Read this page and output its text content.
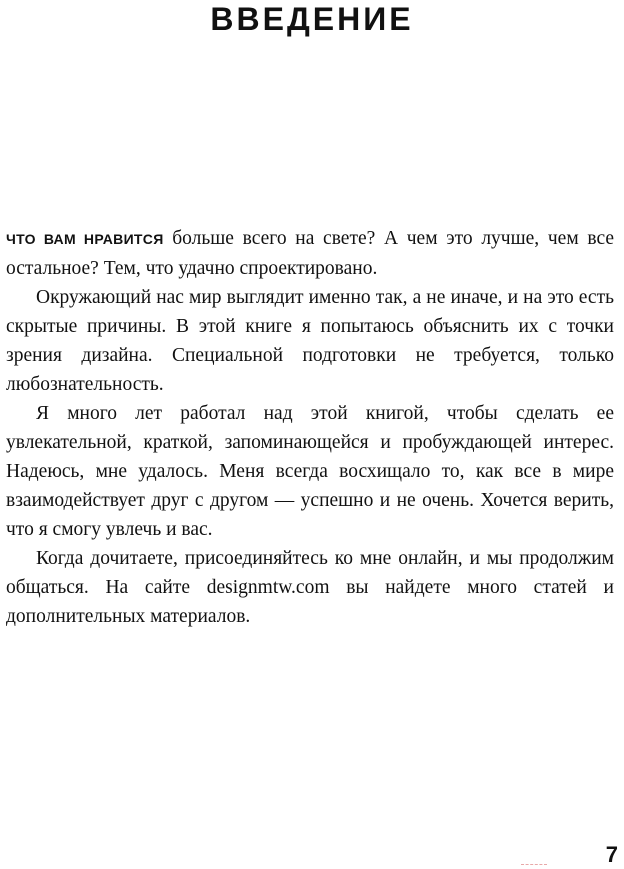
ВВЕДЕНИЕ

ЧТО ВАМ НРАВИТСЯ больше всего на свете? А чем это лучше, чем все остальное? Тем, что удачно спроектировано.

Окружающий нас мир выглядит именно так, а не иначе, и на это есть скрытые причины. В этой книге я попытаюсь объяснить их с точки зрения дизайна. Специальной подготовки не требуется, только любознательность.

Я много лет работал над этой книгой, чтобы сделать ее увлекательной, краткой, запоминающейся и пробуждающей интерес. Надеюсь, мне удалось. Меня всегда восхищало то, как все в мире взаимодействует друг с другом — успешно и не очень. Хочется верить, что я смогу увлечь и вас.

Когда дочитаете, присоединяйтесь ко мне онлайн, и мы продолжим общаться. На сайте designmtw.com вы найдете много статей и дополнительных материалов.

7
